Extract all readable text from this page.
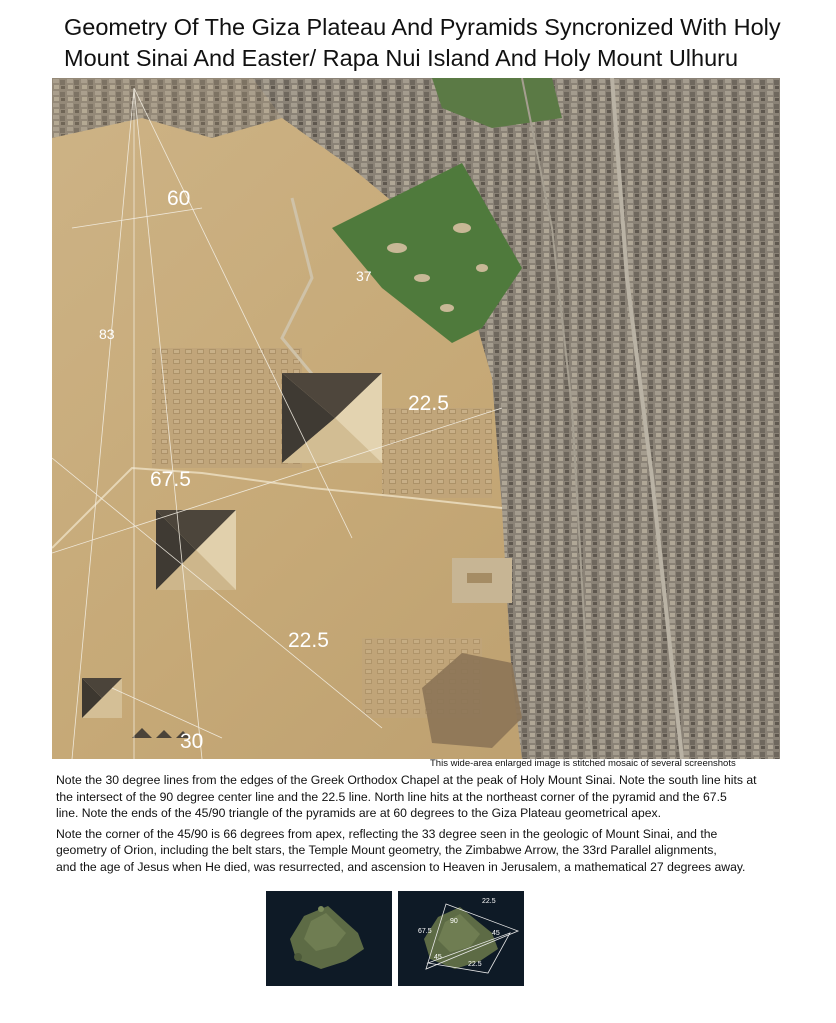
Geometry Of The Giza Plateau And Pyramids Syncronized With Holy
Mount Sinai And Easter/ Rapa Nui Island And Holy Mount Ulhuru
60
37
83
22.5
67.5
22.5
30
This wide-area enlarged image is stitched mosaic of several screenshots

Note the 30 degree lines from the edges of the Greek Orthodox Chapel at the peak of Holy Mount Sinai. Note the south line hits at

the intersect of the 90 degree center line and the 22.5 line. North line hits at the northeast corner of the pyramid and the 67.5

line. Note the ends of the 45/90 triangle of the pyramids are at 60 degrees to the Giza Plateau geometrical apex.

Note the corner of the 45/90 is 66 degrees from apex, reflecting the 33 degree seen in the geologic of Mount Sinai, and the

geometry of Orion, including the belt stars, the Temple Mount geometry, the Zimbabwe Arrow, the 33rd Parallel alignments,

and the age of Jesus when He died, was resurrected, and ascension to Heaven in Jerusalem, a mathematical 27 degrees away.

22.5
90
67.5	45
45
22.5
